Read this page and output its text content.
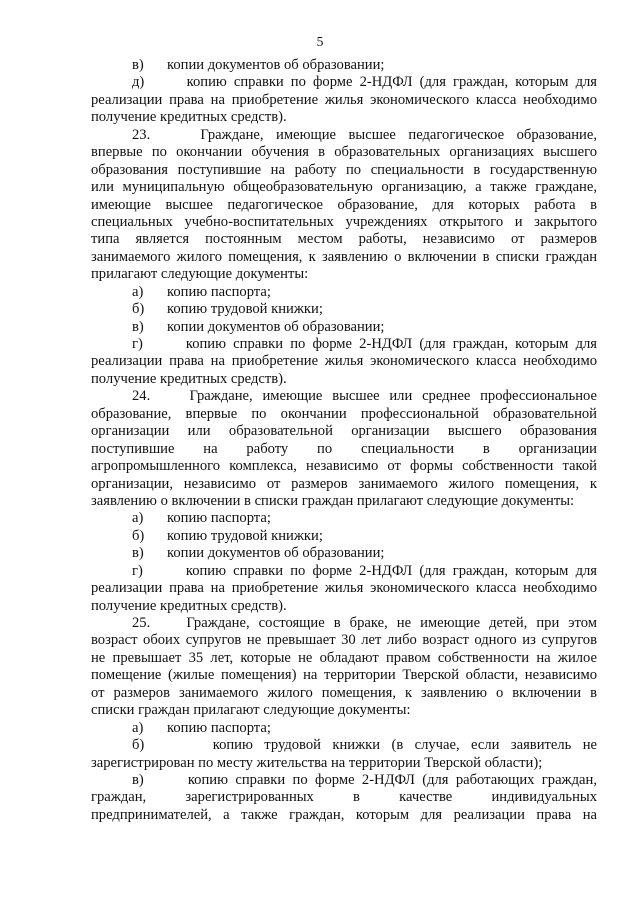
5
в)	копии документов об образовании;
д)      копию справки по форме 2-НДФЛ (для граждан, которым для
реализации права на приобретение жилья экономического класса необходимо
получение кредитных средств).
23.    Граждане, имеющие высшее педагогическое образование,
впервые по окончании обучения в образовательных организациях высшего
образования поступившие на работу по специальности в государственную
или муниципальную общеобразовательную организацию, а также граждане,
имеющие высшее педагогическое образование, для которых работа в
специальных учебно-воспитательных учреждениях открытого и закрытого
типа является постоянным местом работы, независимо от размеров
занимаемого жилого помещения, к заявлению о включении в списки граждан
прилагают следующие документы:
а)	копию паспорта;
б)	копию трудовой книжки;
в)	копии документов об образовании;
г)      копию справки по форме 2-НДФЛ (для граждан, которым для
реализации права на приобретение жилья экономического класса необходимо
получение кредитных средств).
24.    Граждане, имеющие высшее или среднее профессиональное
образование, впервые по окончании профессиональной образовательной
организации или образовательной организации высшего образования
поступившие на работу по специальности в организации
агропромышленного комплекса, независимо от формы собственности такой
организации, независимо от размеров занимаемого жилого помещения, к
заявлению о включении в списки граждан прилагают следующие документы:
а)	копию паспорта;
б)	копию трудовой книжки;
в)	копии документов об образовании;
г)      копию справки по форме 2-НДФЛ (для граждан, которым для
реализации права на приобретение жилья экономического класса необходимо
получение кредитных средств).
25.    Граждане, состоящие в браке, не имеющие детей, при этом
возраст обоих супругов не превышает 30 лет либо возраст одного из супругов
не превышает 35 лет, которые не обладают правом собственности на жилое
помещение (жилые помещения) на территории Тверской области, независимо
от размеров занимаемого жилого помещения, к заявлению о включении в
списки граждан прилагают следующие документы:
а)	копию паспорта;
б)      копию трудовой книжки (в случае, если заявитель не
зарегистрирован по месту жительства на территории Тверской области);
в)      копию справки по форме 2-НДФЛ (для работающих граждан,
граждан, зарегистрированных в качестве индивидуальных
предпринимателей, а также граждан, которым для реализации права на
